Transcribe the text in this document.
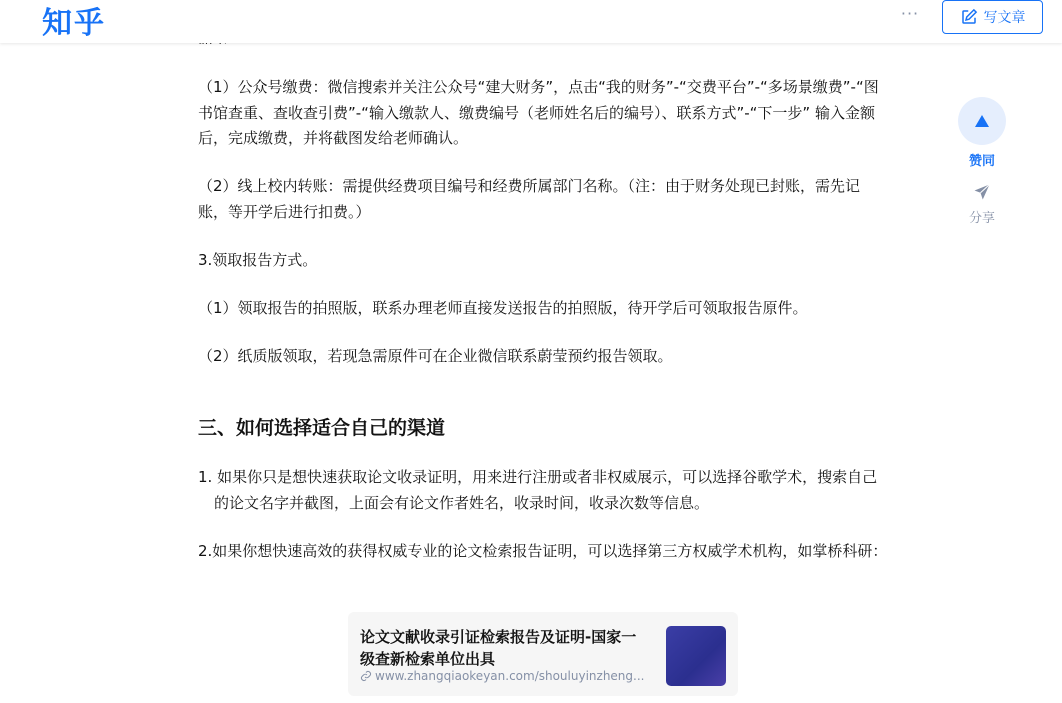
知乎	···	写文章

（1）公众号缴费：微信搜索并关注公众号“建大财务”，点击“我的财务”-“交费平台”-“多场景缴费”-“图书馆查重、查收查引费”-“输入缴款人、缴费编号（老师姓名后的编号）、联系方式”-“下一步” 输入金额后，完成缴费，并将截图发给老师确认。

（2）线上校内转账：需提供经费项目编号和经费所属部门名称。（注：由于财务处现已封账，需先记账，等开学后进行扣费。）

3.领取报告方式。

（1）领取报告的拍照版，联系办理老师直接发送报告的拍照版，待开学后可领取报告原件。

（2）纸质版领取，若现急需原件可在企业微信联系蔚莹预约报告领取。

三、如何选择适合自己的渠道
1. 如果你只是想快速获取论文收录证明，用来进行注册或者非权威展示，可以选择谷歌学术，搜索自己的论文名字并截图，上面会有论文作者姓名，收录时间，收录次数等信息。

2.如果你想快速高效的获得权威专业的论文检索报告证明，可以选择第三方权威学术机构，如掌桥科研：

赞同
分享
论文文献收录引证检索报告及证明-国家一级查新检索单位出具
www.zhangqiaokeyan.com/shouluyinzheng...
